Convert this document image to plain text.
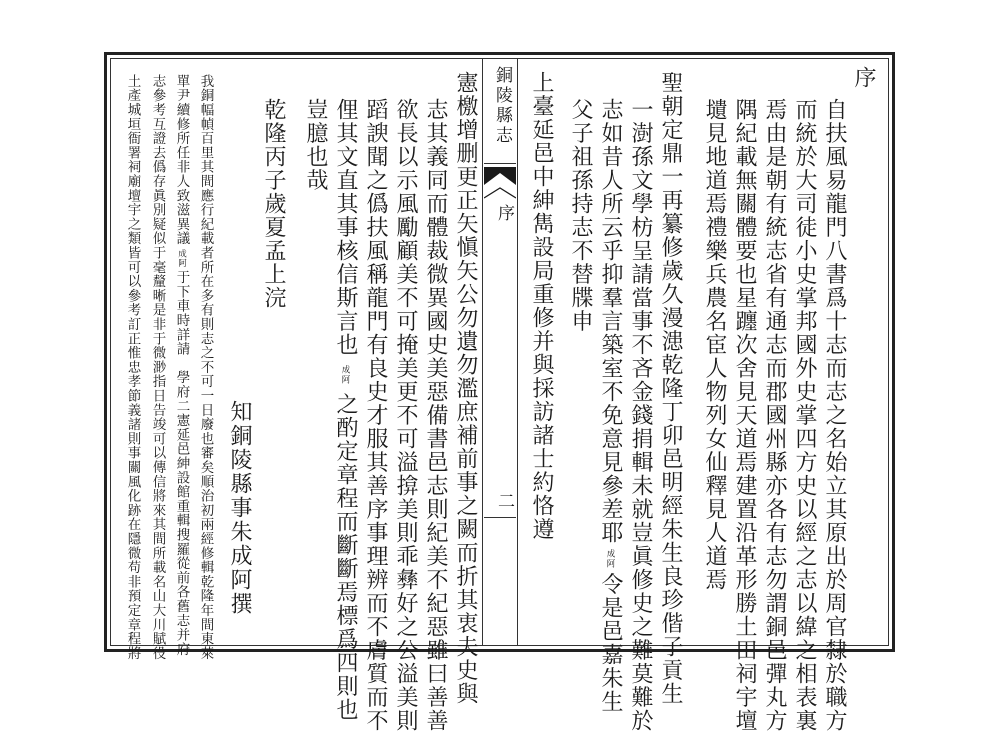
銅陵縣志
序
二
序
自扶風易龍門八書爲十志而志之名始立其原出於周官隸於職方
而統於大司徒小史掌邦國外史掌四方史以經之志以緯之相表裏
焉由是朝有統志省有通志而郡國州縣亦各有志勿謂銅邑彈丸方
隅紀載無關體要也星躔次舍見天道焉建置沿革形勝土田祠宇壇
壝見地道焉禮樂兵農名宦人物列女仙釋見人道焉
聖朝定鼎一再纂修歲久漫漶乾隆丁卯邑明經朱生良珍偕子貢生
一澍孫文學枋呈請當事不吝金錢捐輯未就豈眞修史之難莫難於
志如昔人所云乎抑羣言築室不免意見參差耶成阿令是邑嘉朱生
父子祖孫持志不替牒申
上臺延邑中紳雋設局重修并與採訪諸士約恪遵
憲檄增删更正矢愼矢公勿遺勿濫庶補前事之闕而折其衷夫史與
志其義同而體裁微異國史美惡備書邑志則紀美不紀惡雖曰善善
欲長以示風勵顧美不可掩美更不可溢揜美則乖彝好之公溢美則
蹈諛聞之僞扶風稱龍門有良史才服其善序事理辨而不膚質而不
俚其文直其事核信斯言也成阿之酌定章程而斷斷焉標爲四則也
豈臆也哉
乾隆丙子歲夏孟上浣
知銅陵縣事朱成阿撰
我銅幅幀百里其間應行紀載者所在多有則志之不可一日廢也審矣順治初兩經修輯乾隆年間東萊
單尹續修所任非人致滋異議成阿于下車時詳請　學府二憲延邑紳設館重輯搜羅從前各舊志并府
志參考互證去僞存眞別疑似于毫釐晰是非于微渺指日告竣可以傳信將來其間所載名山大川賦役
土產城垣衙署祠廟壇宇之類皆可以參考訂正惟忠孝節義諸則事關風化跡在隱微苟非預定章程將
